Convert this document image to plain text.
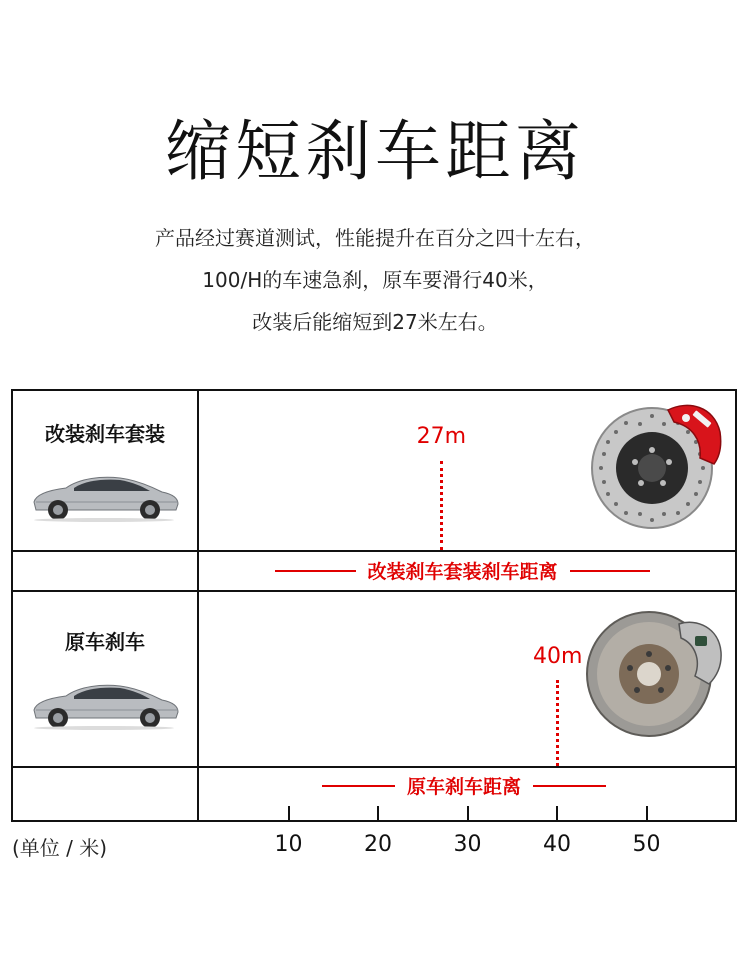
缩短刹车距离
产品经过赛道测试，性能提升在百分之四十左右，
100/H的车速急刹，原车要滑行40米，
改装后能缩短到27米左右。
改装刹车套装
原车刹车
(单位 / 米)	10	20	30	40	50
27m
改装刹车套装刹车距离
40m
原车刹车距离
